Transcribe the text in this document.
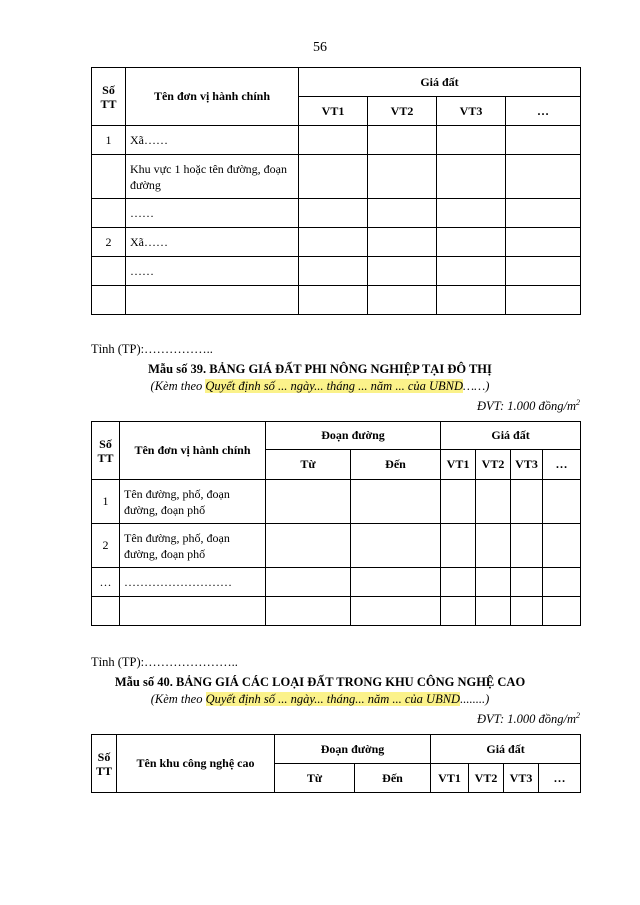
56
Số
TT	Tên đơn vị hành chính	Giá đất			
		VT1	VT2	VT3	…
1	Xã……				
	Khu vực 1 hoặc tên đường, đoạn đường				
	……				
2	Xã……				
	……				

Tỉnh (TP):……………..
Mẫu số 39. BẢNG GIÁ ĐẤT PHI NÔNG NGHIỆP TẠI ĐÔ THỊ
(Kèm theo Quyết định số ... ngày... tháng ... năm ... của UBND……)
ĐVT: 1.000 đồng/$m^2$
Số
TT	Tên đơn vị hành chính	Đoạn đường		Giá đất			
		Từ	Đến	VT1	VT2	VT3	…
1	Tên đường, phố, đoạn đường, đoạn phố						
2	Tên đường, phố, đoạn đường, đoạn phố						
…	………………………						

Tỉnh (TP):…………………..
Mẫu số 40. BẢNG GIÁ CÁC LOẠI ĐẤT TRONG KHU CÔNG NGHỆ CAO
(Kèm theo Quyết định số ... ngày... tháng... năm ... của UBND........)
ĐVT: 1.000 đồng/$m^2$
Số
TT	Tên khu công nghệ cao	Đoạn đường		Giá đất			
		Từ	Đến	VT1	VT2	VT3	…
